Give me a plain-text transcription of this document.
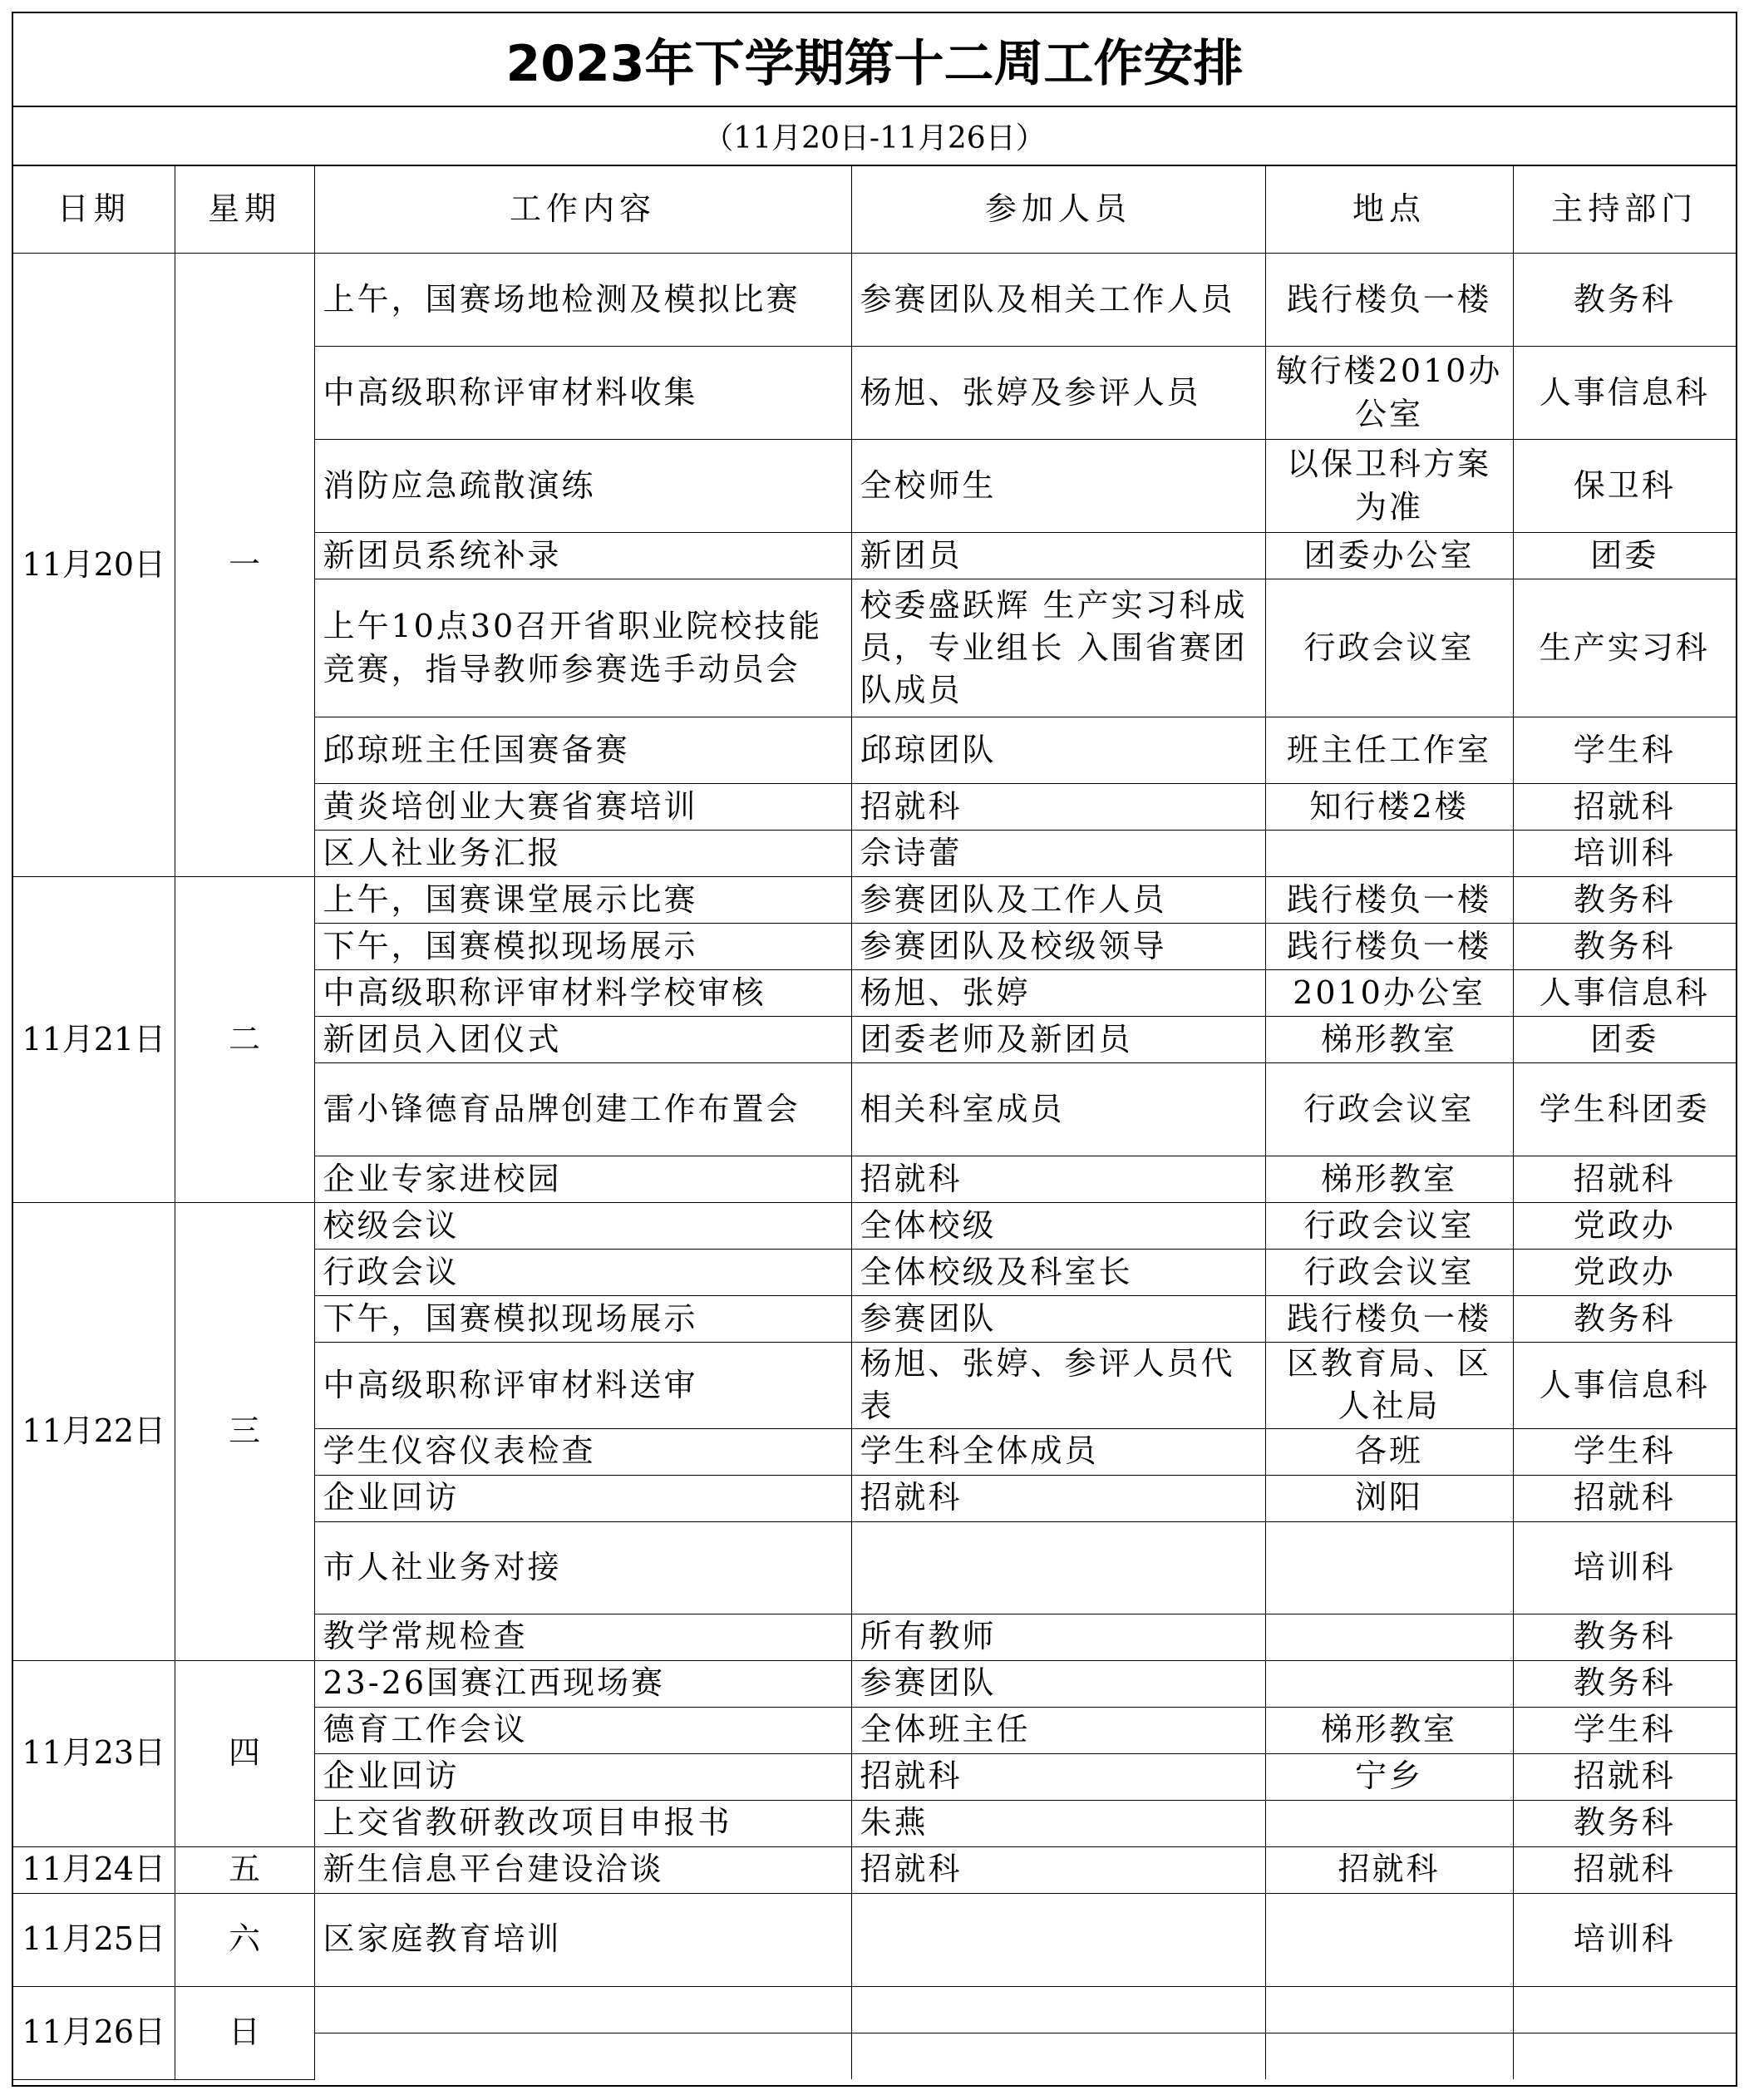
2023年下学期第十二周工作安排
（11月20日-11月26日）
日期	星期	工作内容	参加人员	地点	主持部门
11月20日	一	上午，国赛场地检测及模拟比赛	参赛团队及相关工作人员	践行楼负一楼	教务科
		中高级职称评审材料收集	杨旭、张婷及参评人员	敏行楼2010办公室	人事信息科
		消防应急疏散演练	全校师生	以保卫科方案为准	保卫科
		新团员系统补录	新团员	团委办公室	团委
		上午10点30召开省职业院校技能竞赛，指导教师参赛选手动员会	校委盛跃辉 生产实习科成员，专业组长 入围省赛团队成员	行政会议室	生产实习科
		邱琼班主任国赛备赛	邱琼团队	班主任工作室	学生科
		黄炎培创业大赛省赛培训	招就科	知行楼2楼	招就科
		区人社业务汇报	佘诗蕾		培训科
11月21日	二	上午，国赛课堂展示比赛	参赛团队及工作人员	践行楼负一楼	教务科
		下午，国赛模拟现场展示	参赛团队及校级领导	践行楼负一楼	教务科
		中高级职称评审材料学校审核	杨旭、张婷	2010办公室	人事信息科
		新团员入团仪式	团委老师及新团员	梯形教室	团委
		雷小锋德育品牌创建工作布置会	相关科室成员	行政会议室	学生科团委
		企业专家进校园	招就科	梯形教室	招就科
11月22日	三	校级会议	全体校级	行政会议室	党政办
		行政会议	全体校级及科室长	行政会议室	党政办
		下午，国赛模拟现场展示	参赛团队	践行楼负一楼	教务科
		中高级职称评审材料送审	杨旭、张婷、参评人员代表	区教育局、区人社局	人事信息科
		学生仪容仪表检查	学生科全体成员	各班	学生科
		企业回访	招就科	浏阳	招就科
		市人社业务对接			培训科
		教学常规检查	所有教师		教务科
11月23日	四	23-26国赛江西现场赛	参赛团队		教务科
		德育工作会议	全体班主任	梯形教室	学生科
		企业回访	招就科	宁乡	招就科
		上交省教研教改项目申报书	朱燕		教务科
11月24日	五	新生信息平台建设洽谈	招就科	招就科	招就科
11月25日	六	区家庭教育培训			培训科
11月26日	日				
